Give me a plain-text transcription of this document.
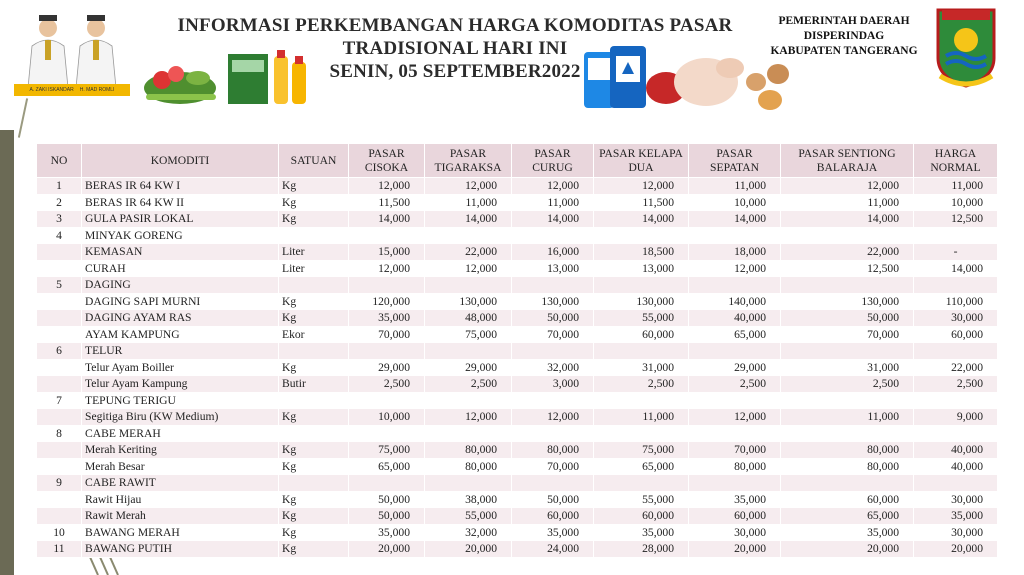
A. ZAKI ISKANDAR H. MAD ROMLI
INFORMASI PERKEMBANGAN HARGA KOMODITAS PASAR
TRADISIONAL HARI INI
SENIN, 05 SEPTEMBER2022
PEMERINTAH DAERAH
DISPERINDAG
KABUPATEN TANGERANG
NO	KOMODITI	SATUAN	PASAR CISOKA	PASAR TIGARAKSA	PASAR CURUG	PASAR KELAPA DUA	PASAR SEPATAN	PASAR SENTIONG BALARAJA	HARGA NORMAL
1	BERAS IR 64 KW I	Kg	12,000	12,000	12,000	12,000	11,000	12,000	11,000
2	BERAS IR 64 KW II	Kg	11,500	11,000	11,000	11,500	10,000	11,000	10,000
3	GULA PASIR LOKAL	Kg	14,000	14,000	14,000	14,000	14,000	14,000	12,500
4	MINYAK GORENG								
	KEMASAN	Liter	15,000	22,000	16,000	18,500	18,000	22,000	-
	CURAH	Liter	12,000	12,000	13,000	13,000	12,000	12,500	14,000
5	DAGING								
	DAGING SAPI MURNI	Kg	120,000	130,000	130,000	130,000	140,000	130,000	110,000
	DAGING AYAM RAS	Kg	35,000	48,000	50,000	55,000	40,000	50,000	30,000
	AYAM KAMPUNG	Ekor	70,000	75,000	70,000	60,000	65,000	70,000	60,000
6	TELUR								
	Telur Ayam Boiller	Kg	29,000	29,000	32,000	31,000	29,000	31,000	22,000
	Telur Ayam Kampung	Butir	2,500	2,500	3,000	2,500	2,500	2,500	2,500
7	TEPUNG TERIGU								
	Segitiga Biru (KW Medium)	Kg	10,000	12,000	12,000	11,000	12,000	11,000	9,000
8	CABE MERAH								
	Merah Keriting	Kg	75,000	80,000	80,000	75,000	70,000	80,000	40,000
	Merah Besar	Kg	65,000	80,000	70,000	65,000	80,000	80,000	40,000
9	CABE RAWIT								
	Rawit Hijau	Kg	50,000	38,000	50,000	55,000	35,000	60,000	30,000
	Rawit Merah	Kg	50,000	55,000	60,000	60,000	60,000	65,000	35,000
10	BAWANG MERAH	Kg	35,000	32,000	35,000	35,000	30,000	35,000	30,000
11	BAWANG PUTIH	Kg	20,000	20,000	24,000	28,000	20,000	20,000	20,000
